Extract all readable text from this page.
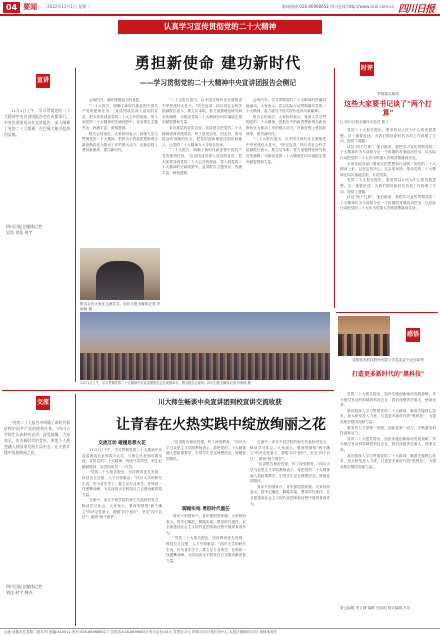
04 要闻	2022年11月1日 星期二	新闻热线:028-86968652 四川在线:http://www.scol.com.cn 四川日报
认真学习宣传贯彻党的二十大精神
勇担新使命 建功新时代
——学习贯彻党的二十大精神中央宣讲团报告会侧记
宣讲

11月1日上午，学习贯彻党的二十大精神中央宣讲团报告会在成都举行。中央宣讲团成员作宣讲报告，深入阐释了党的二十大精神，在巴蜀大地引起热烈反响。

四川日报全媒体记者
吴浩 刘佳 何宇

会场内外，满怀憧憬奋斗的身影。

"二十大报告，明确了新时代新征程中国共产党的使命任务。"宣讲团成员深入浅出的宣讲，把大家带回到党的二十大召开的现场，带入到党的二十大精神的宏阔视野中。宣讲报告主题突出、内涵丰富、深刻透彻。

报告会结束后，大家纷纷表示，将深入学习贯彻党的二十大精神，把报告中的新思想新观点新论断转化为推动工作的强大动力，在新征程上勇担新使命、建功新时代。

"二十大报告提出，以中国式现代化全面推进中华民族伟大复兴。"听完宣讲，四川省社会科学院副院长表示，要立足本职，着力加强理论研究和宣传阐释，为推动党的二十大精神在四川落地生根贡献智慧和力量。

来自基层的宣讲员说，宣讲报告把党的二十大精神讲深讲透讲活，听了很受启发。回去后，将用群众听得懂的语言，把党的创新理论送到田间地头，让党的二十大精神飞入寻常百姓家。

"二十大报告，明确了新时代新征程中国共产党的使命任务。"宣讲团成员深入浅出的宣讲，把大家带回到党的二十大召开的现场，带入到党的二十大精神的宏阔视野中。宣讲报告主题突出、内涵丰富、深刻透彻。

会场内外，学习贯彻党的二十大精神的热潮持续涌动。大家表示，将以实际行动贯彻落实党的二十大精神，奋力谱写中国式现代化四川新篇章。

报告会结束后，大家纷纷表示，将深入学习贯彻党的二十大精神，把报告中的新思想新观点新论断转化为推动工作的强大动力，在新征程上勇担新使命、建功新时代。

"二十大报告提出，以中国式现代化全面推进中华民族伟大复兴。"听完宣讲，四川省社会科学院副院长表示，要立足本职，着力加强理论研究和宣传阐释，为推动党的二十大精神在四川落地生根贡献智慧和力量。

报告会后大家在交流学习。四川日报全媒体记者 肖雨杨 摄
11月1日上午，学习贯彻党的二十大精神中央宣讲团报告会在成都举行。图为报告会现场。四川日报全媒体记者 肖雨杨 摄
时评
贯彻落实精神
这些大家要书记谈了"两个打算"
□ 四川日报全媒体评论员 陈子

党的二十大报告提出，要坚持以人民为中心的发展思想。这一重要论述，为我们做好新时代各项工作指明了方向，提供了遵循。

谈及"两个打算"，他们都说，要把学习宣传贯彻党的二十大精神作为当前和今后一个时期的首要政治任务，以实际行动把党的二十大作出的重大决策部署落到实处。

全省各地各部门要切实把思想和行动统一到党的二十大精神上来，以坚定的决心、扎实的举措，推动党的二十大精神在四川落地生根、开花结果。

党的二十大报告提出，要坚持以人民为中心的发展思想。这一重要论述，为我们做好新时代各项工作指明了方向，提供了遵循。

谈及"两个打算"，他们都说，要把学习宣传贯彻党的二十大精神作为当前和今后一个时期的首要政治任务，以实际行动把党的二十大作出的重大决策部署落到实处。

感悟
成都航发科技股份有限公司党委委书记邱斌等
打造更多新时代的"黑科技"

党的二十大报告提出，加快实施创新驱动发展战略。作为航空发动机领域的科技企业，我们深感责任重大、使命光荣。

我们将深入学习贯彻党的二十大精神，瞄准关键核心技术，加大研发投入力度，打造更多新时代的"黑科技"，为建设航空强国贡献力量。

要坚持人才是第一资源，创新是第一动力，不断激发科技创新活力。

党的二十大报告提出，加快实施创新驱动发展战略。作为航空发动机领域的科技企业，我们深感责任重大、使命光荣。

我们将深入学习贯彻党的二十大精神，瞄准关键核心技术，加大研发投入力度，打造更多新时代的"黑科技"，为建设航空强国贡献力量。

曾云编辑 李文静 编辑 吕丽和 版式编辑 冯东
交流

"党的二十大报告中明确了新时代新征程中国共产党的使命任务。"四川大学师生认真聆听宣讲，深受鼓舞。大家表示，作为新时代的青年，要把个人理想融入到国家发展大局中去，在火热实践中绽放绚丽之花。

四川日报全媒体记者
刘佳 何宇 韩杰
川大师生畅谈中央宣讲团到校宣讲交流收获
让青春在火热实践中绽放绚丽之花
交流互动 碰撞思想火花

11月1日下午，学习贯彻党的二十大精神中央宣讲团成员来到四川大学，与师生代表面对面交流，宣讲党的二十大精神。现场气氛热烈，师生们踊跃提问，宣讲团成员一一作答。

"党的二十大报告提出，坚持教育优先发展、科技自立自强、人才引领驱动。"四川大学的研究生说，作为青年学子，要立足专业所学，在科研一线勇攀高峰，为实现高水平科技自立自强贡献青春力量。

交流中，来自不同学院的师生代表纷纷发言，畅谈学习体会。大家表示，要深刻领悟"两个确立"的决定性意义，增强"四个意识"、坚定"四个自信"、做到"两个维护"。

"宣讲报告理论性强，听了深受教育。"四川大学马克思主义学院教师表示，将把党的二十大精神融入思政课教学，引导学生坚定理想信念，厚植爱国情怀。

脚踏实地 勇担时代重任

青年兴则国家兴，青年强则国家强。大家纷纷表示，将牢记嘱托，脚踏实地，勇担时代重任，在全面建设社会主义现代化国家新征程中展现青春作为。

"党的二十大报告提出，坚持教育优先发展、科技自立自强、人才引领驱动。"四川大学的研究生说，作为青年学子，要立足专业所学，在科研一线勇攀高峰，为实现高水平科技自立自强贡献青春力量。

交流中，来自不同学院的师生代表纷纷发言，畅谈学习体会。大家表示，要深刻领悟"两个确立"的决定性意义，增强"四个意识"、坚定"四个自信"、做到"两个维护"。

"宣讲报告理论性强，听了深受教育。"四川大学马克思主义学院教师表示，将把党的二十大精神融入思政课教学，引导学生坚定理想信念，厚植爱国情怀。

青年兴则国家兴，青年强则国家强。大家纷纷表示，将牢记嘱托，脚踏实地，勇担时代重任，在全面建设社会主义现代化国家新征程中展现青春作为。

社址:成都市红星路二段70号 邮编:610012 发行:028-86968652 广告热线:028-86968633 每月定价:54元 零售价:2元 印刷:四川日报印务中心 本报法律顾问:四川 律师事务所
